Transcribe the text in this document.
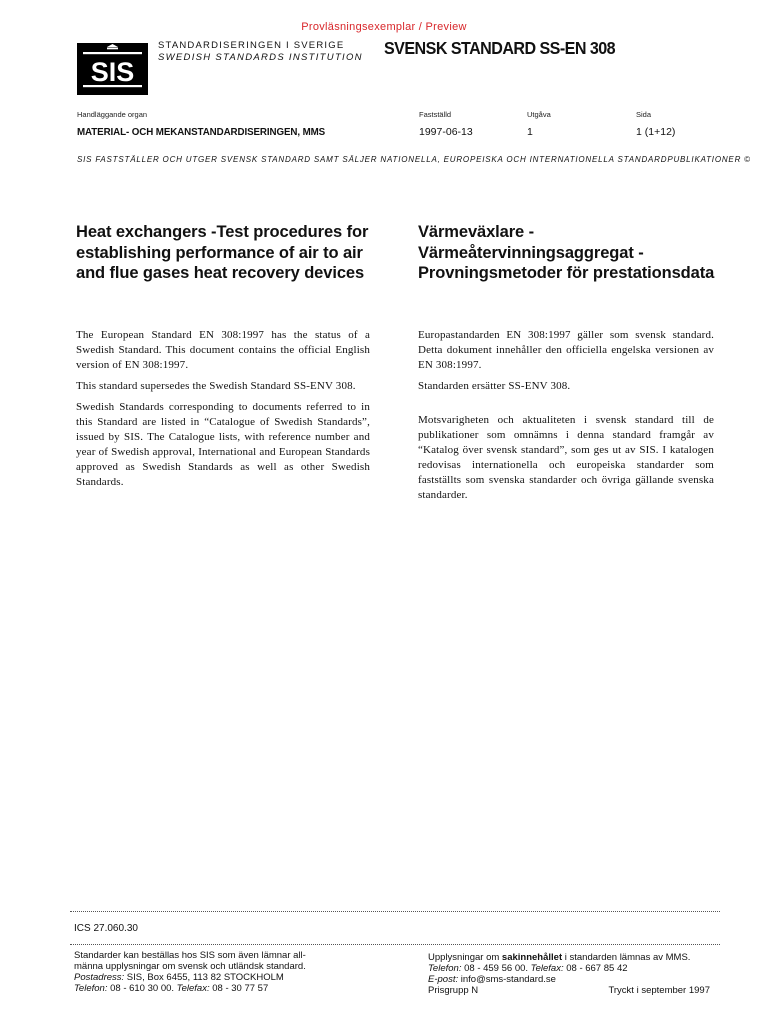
Provläsningsexemplar / Preview
SIS
STANDARDISERINGEN I SVERIGE
SWEDISH STANDARDS INSTITUTION SVENSK STANDARD SS-EN 308
Handläggande organ
MATERIAL- OCH MEKANSTANDARDISERINGEN, MMS
Fastställd
1997-06-13
Utgåva
1
Sida
1 (1+12)
SIS FASTSTÄLLER OCH UTGER SVENSK STANDARD SAMT SÄLJER NATIONELLA, EUROPEISKA OCH INTERNATIONELLA STANDARDPUBLIKATIONER ©
Heat exchangers -Test procedures for establishing performance of air to air and flue gases heat recovery devices

The European Standard EN 308:1997 has the status of a Swedish Standard. This document contains the official English version of EN 308:1997.

This standard supersedes the Swedish Standard SS-ENV 308.

Swedish Standards corresponding to documents referred to in this Standard are listed in “Catalogue of Swedish Standards”, issued by SIS. The Catalogue lists, with reference number and year of Swedish approval, International and European Standards approved as Swedish Standards as well as other Swedish Standards.

Värmeväxlare - Värmeåtervinningsaggregat - Provningsmetoder för prestationsdata

Europastandarden EN 308:1997 gäller som svensk standard. Detta dokument innehåller den officiella engelska versionen av EN 308:1997.

Standarden ersätter SS-ENV 308.

Motsvarigheten och aktualiteten i svensk standard till de publikationer som omnämns i denna standard framgår av “Katalog över svensk standard”, som ges ut av SIS. I katalogen redovisas internationella och europeiska standarder som fastställts som svenska standarder och övriga gällande svenska standarder.

ICS 27.060.30
Standarder kan beställas hos SIS som även lämnar all-
männa upplysningar om svensk och utländsk standard.
Postadress: SIS, Box 6455, 113 82 STOCKHOLM
Telefon: 08 - 610 30 00. Telefax: 08 - 30 77 57
Upplysningar om sakinnehållet i standarden lämnas av MMS.
Telefon: 08 - 459 56 00. Telefax: 08 - 667 85 42
E-post: info@sms-standard.se
Prisgrupp N	Tryckt i september 1997
